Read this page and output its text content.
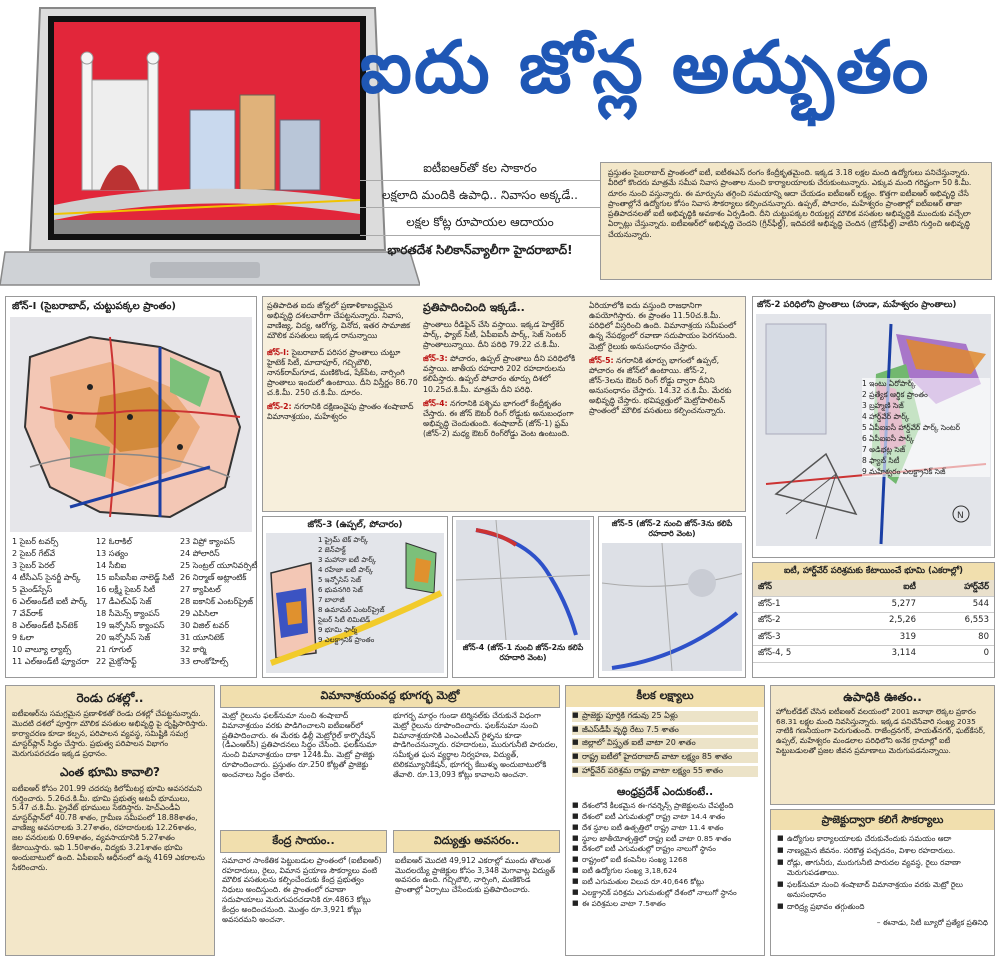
ఐదు జోన్ల అద్భుతం
ఐటీఐఆర్‌తో కల సాకారం
లక్షలాది మందికి ఉపాధి.. నివాసం అక్కడే..
లక్షల కోట్ల రూపాయల ఆదాయం
భారతదేశ సిలికాన్‌వ్యాలీగా హైదరాబాద్!
ప్రస్తుతం సైబరాబాద్ ప్రాంతంలో ఐటీ, ఐటీఈఎస్ రంగం కేంద్రీకృతమైంది. ఇక్కడ 3.18 లక్షల మంది ఉద్యోగులు పనిచేస్తున్నారు. వీరిలో కొందరు మాత్రమే సమీప నివాస ప్రాంతాల నుంచి కార్యాలయాలకు చేరుకుంటున్నారు. ఎక్కువ మంది గరిష్టంగా 50 కి.మీ. దూరం నుంచి వస్తున్నారు. ఈ మార్పును తగ్గించి సమయాన్ని ఆదా చేయడం ఐటీఐఆర్ లక్ష్యం. కొత్తగా ఐటీఐఆర్ అభివృద్ధి చేసే ప్రాంతాల్లోనే ఉద్యోగుల కోసం నివాస సౌకర్యాలు కల్పించనున్నారు. ఉప్పల్, పోచారం, మహేశ్వరం ప్రాంతాల్లో ఐటీఐఆర్ తాజా ప్రతిపాదనలతో ఐటీ అభివృద్ధికి అవకాశం ఏర్పడింది. దీని చుట్టుపక్కల రియల్టర్ల మౌలిక వసతుల అభివృద్ధికి ముందుకు వచ్చేలా ఏర్పాట్లు చేస్తున్నారు. ఐటీఐఆర్‌లో అభివృద్ధి చెందని (గ్రీన్‌ఫీల్డ్), ఇదివరకే అభివృద్ధి చెందిన (బ్రౌన్‌ఫీల్డ్) వాటిని గుర్తించి అభివృద్ధి చేయనున్నారు.
జోన్-I (సైబరాబాద్, చుట్టుపక్కల ప్రాంతం)
1 సైబర్ టవర్స్
2 సైబర్ గేట్‌వే
3 సైబర్ పెరల్
4 టీసీఎస్ సైనర్జీ పార్క్
5 మైండ్‌స్పేస్
6 ఎల్అండ్‌టీ ఐటీ పార్క్
7 వేవ్‌రాక్
8 ఎల్అండ్‌టీ ఫిన్‌టెక్
9 ఓలా
10 వాల్యూ ల్యాబ్స్
11 ఎల్అండ్‌టీ ఫ్యూచరా
12 ఓరాకిల్
13 సత్యం
14 సీబిఐ
15 ఐసీఐసీఐ నాలెడ్జ్ సిటీ
16 లక్ష్మీ సైబర్ సిటీ
17 డీఎల్ఎఫ్ సెజ్
18 సీమెన్స్ క్యాంపస్
19 ఇన్ఫోసిస్ క్యాంపస్
20 ఇన్ఫోసిస్ సెజ్
21 గూగుల్
22 మైక్రోసాఫ్ట్
23 విప్రో క్యాంపస్
24 పోలారిస్
25 సెంట్రల్ యూనివర్సిటీ
26 నిర్మాణ్ అట్లాంటిక్
27 క్యాపిటల్
28 ఐకానిక్ ఎంటర్‌ప్రైజ్
29 ఎపిసిలా
30 విజిల్ టవర్
31 యూనిటెక్
32 కార్మి
33 లాంకోహిల్స్
ప్రతిపాదిత ఐదు జోన్లలో ప్రణాళికాబద్ధమైన అభివృద్ధి దశలవారీగా చేపట్టనున్నారు. నివాస, వాణిజ్య, విద్య, ఆరోగ్య, వినోద, ఇతర సామాజిక మౌలిక వసతులు ఇక్కడ రానున్నాయి
జోన్-I: సైబరాబాద్ పరిసర ప్రాంతాలు చుట్టూ హైటెక్ సిటీ, మాదాపూర్, గచ్చిబౌలి, నానక్‌రామ్‌గూడ, మణికొండ, షేక్‌పేట, నార్సింగి ప్రాంతాలు ఇందులో ఉంటాయి. దీని విస్తీర్ణం 86.70 చ.కి.మీ. 250 చ.కి.మీ. దూరం.
జోన్-2: నగరానికి దక్షిణంవైపు ప్రాంతం శంషాబాద్ విమానాశ్రయం, మహేశ్వరం
ప్రతిపాదించింది ఇక్కడే..
ప్రాంతాలు రీడిఫైన్ చేసి వస్తాయి. ఇక్కడ హెల్త్‌కేర్ పార్క్, ఫ్యాబ్ సిటీ, ఏపీఐఐసీ పార్క్, సెజ్ సెంటర్ ప్రాంతాలున్నాయి. దీని పరిధి 79.22 చ.కి.మీ.
జోన్-3: పోచారం, ఉప్పల్ ప్రాంతాలు దీని పరిధిలోకి వస్తాయి. జాతీయ రహదారి 202 రహదారులను కలిపేస్తారు. ఉప్పల్ పోచారం తూర్పు దిశలో 10.25చ.కి.మీ. మాత్రమే దీని పరిధి.
జోన్-4: నగరానికి పశ్చిమ భాగంలో కేంద్రీకృతం చేస్తారు. ఈ జోన్ ఔటర్ రింగ్ రోడ్డుకు అనుబంధంగా అభివృద్ధి చెందుతుంది. శంషాబాద్ (జోన్-1) ఫ్రమ్ (జోన్-2) మధ్య ఔటర్ రింగ్‌రోడ్డు వెంట ఉంటుంది.
ఏరియాలోకి ఐదు వస్తుంది రాజధానిగా ఉపయోగిస్తారు. ఈ ప్రాంతం 11.50చ.కి.మీ. పరిధిలో విస్తరించి ఉంది. విమానాశ్రయ సమీపంలో ఉన్న నేపథ్యంలో రవాణా సదుపాయం పెరగనుంది. మెట్రో రైలుకు అనుసంధానం చేస్తారు.
జోన్-5: నగరానికి తూర్పు భాగంలో ఉప్పల్, పోచారం ఈ జోన్‌లో ఉంటాయి. జోన్-2, జోన్-3లను ఔటర్ రింగ్ రోడ్డు ద్వారా దీనిని అనుసంధానం చేస్తారు. 14.32 చ.కి.మీ. మేరకు అభివృద్ధి చేస్తారు. భవిష్యత్తులో మెట్రోపాలిటన్ ప్రాంతంలో మౌలిక వసతులు కల్పించనున్నారు.
జోన్-2 పరిధిలోని ప్రాంతాలు (హుడా, మహేశ్వరం ప్రాంతాలు)
N
1 ఇంటు ఏరోపార్క్
2 ప్రత్యేక ఆర్థిక ప్రాంతం
3 బ్రహ్మణి సెజ్
4 హార్డ్‌వేర్ పార్క్
5 ఏపీఐఐసీ హార్డ్‌వేర్ పార్క్ సెంటర్
6 ఏపీఐఐసీ పార్క్
7 అడిభట్ల సెజ్
8 ఫ్యాబ్ సిటీ
9 మహేశ్వరం ఎలక్ట్రానిక్ సెజ్
జోన్-3 (ఉప్పల్, పోచారం)
1 ప్రైమ్ టెక్ పార్క్
2 జెన్‌పాక్ట్
3 మహానా ఐటీ పార్క్
4 రహేజా ఐటీ పార్క్
5 ఇన్ఫోసిస్ సెజ్
6 భువనగిరి సెజ్
7 బాలాజీ
8 ఉమామర్ ఎంటర్‌ప్రైజ్
సైబర్ సిటీ లిమిటెడ్
9 భూమి ఫార్మ్
9 ఎలక్ట్రానిక్ ప్రాంతం
జోన్-4 (జోన్-1 నుంచి జోన్-2ను కలిపే రహదారి వెంట)
జోన్-5 (జోన్-2 నుంచి జోన్-3ను కలిపే రహదారి వెంట)
ఐటీ, హార్డ్‌వేర్ పరిశ్రమకు కేటాయించే భూమి (ఎకరాల్లో)
జోన్	ఐటీ	హార్డ్‌వేర్
జోన్-1	5,277	544
జోన్-2	2,5,26	6,553
జోన్-3	319	80
జోన్-4, 5	3,114	0
రెండు దశల్లో..
ఐటీఐఆర్‌ను సమగ్రమైన ప్రణాళికతో రెండు దశల్లో చేపట్టనున్నారు. మొదటి దశలో పూర్తిగా మౌలిక వసతుల అభివృద్ధి పై దృష్టిసారిస్తారు. కార్యాచరణ కూడా కల్పన, పరిపాలన వ్యవస్థ, సమిష్టికి సమగ్ర మాస్టర్‌ప్లాన్ సిద్ధం చేస్తారు. ప్రభుత్వ పరిపాలన విభాగం మెరుగుపరచడం ఇక్కడ ప్రధానం.
ఎంత భూమి కావాలి?
ఐటీఐఆర్ కోసం 201.99 చదరపు కిలోమీటర్ల భూమి అవసరమని గుర్తించారు. 5.26చ.కి.మీ. భూమి ప్రభుత్వ అటవీ భూములు, 5.47 చ.కి.మీ. ప్రైవేట్ భూములు సేకరిస్తారు. హెచ్‌ఎండీఏ మాస్టర్‌ప్లాన్‌లో 40.78 శాతం, గ్రామీణ సమీపంలో 18.88శాతం, వాణిజ్య అవసరాలకు 3.27శాతం, రహదారులకు 12.26శాతం, జల వనరులకు 0.69శాతం, వ్యవసాయానికి 5.27శాతం కేటాయిస్తారు. ఇవి 1.50శాతం, విద్యకు 3.21శాతం భూమి అందుబాటులో ఉంది. ఏపీఐఐసీ ఆధీనంలో ఉన్న 4169 ఎకరాలను సేకరించారు.
విమానాశ్రయంవద్ద భూగర్భ మెట్రో
మెట్రో రైలును ఫలక్‌నుమా నుంచి శంషాబాద్ విమానాశ్రయం వరకు పొడిగించాలని ఐటీఐఆర్‌లో ప్రతిపాదించారు. ఈ మేరకు ఢిల్లీ మెట్రోరైల్ కార్పొరేషన్ (డీఎంఆర్‌సీ) ప్రతిపాదనలు సిద్ధం చేసింది. ఫలక్‌నుమా నుంచి విమానాశ్రయం దాకా 124కి.మీ. మెట్రో ప్రాజెక్టు రూపొందించారు. ప్రస్తుతం రూ.250 కోట్లతో ప్రాజెక్టు అంచనాలు సిద్ధం చేశారు.
భూగర్భ మార్గం గుండా టెర్మినల్‌కు చేరుకునే విధంగా మెట్రో రైలును రూపొందించారు. ఫలక్‌నుమా నుంచి విమానాశ్రయానికి ఎంఎంటీఎస్ రైళ్ళను కూడా పొడిగించనున్నారు. రహదారులు, మురుగునీటి పారుదల, సమీకృత ఘన వ్యర్థాల నిర్వహణ, విద్యుత్, టెలికమ్యూనికేషన్, భూగర్భ కేబుళ్ళు అందుబాటులోకి తేవాలి. రూ.13,093 కోట్లు కావాలని అంచనా.
కేంద్ర సాయం..
సమాచార సాంకేతిక పెట్టుబడుల ప్రాంతంలో (ఐటీఐఆర్) రహదారులు, రైలు, విమాన ప్రయాణ సౌకర్యాలు వంటి మౌలిక వసతులను కల్పించేందుకు కేంద్ర ప్రభుత్వం నిధులు అందిస్తుంది. ఈ ప్రాంతంలో రవాణా సదుపాయాలు మెరుగుపరచడానికి రూ.4863 కోట్లు కేంద్రం అందించనుంది. మొత్తం రూ.3,921 కోట్లు అవసరమని అంచనా.
విద్యుత్తు అవసరం..
ఐటీఐఆర్ మొదటి 49,912 ఎకరాల్లో ముందు తొలుత మొదలయ్యే ప్రాజెక్టుల కోసం 3,348 మెగావాట్ల విద్యుత్ అవసరం ఉంది. గచ్చిబౌలి, నార్సింగి, మణికొండ ప్రాంతాల్లో ఏర్పాటు చేసేందుకు ప్రతిపాదించారు.
కీలక లక్ష్యాలు
■ ప్రాజెక్టు పూర్తికి గడువు 25 ఏళ్లు
■ జీఎస్‌డీపీ వృద్ధి రేటు 7.5 శాతం
■ జిల్లాలో విస్తృత ఐటీ వాటా 20 శాతం
■ రాష్ట్ర ఐటీలో హైదరాబాద్ వాటా లక్ష్యం 85 శాతం
■ హార్డ్‌వేర్ పరిశ్రమ రాష్ట్ర వాటా లక్ష్యం 55 శాతం
ఆంధ్రప్రదేశ్ ఎందుకంటే..
■ దేశంలోనే కీలకమైన ఈ-గవర్నెన్స్ ప్రాజెక్టులను చేపట్టింది
■ దేశంలో ఐటీ ఎగుమతుల్లో రాష్ట్ర వాటా 14.4 శాతం
■ దేశ స్థూల ఐటీ ఉత్పత్తిలో రాష్ట్ర వాటా 11.4 శాతం
■ స్థూల జాతీయోత్పత్తిలో రాష్ట్ర ఐటీ వాటా 0.85 శాతం
■ దేశంలో ఐటీ ఎగుమతుల్లో రాష్ట్రం నాలుగో స్థానం
■ రాష్ట్రంలో ఐటీ కంపెనీల సంఖ్య 1268
■ ఐటీ ఉద్యోగుల సంఖ్య 3,18,624
■ ఐటీ ఎగుమతుల విలువ రూ.40,646 కోట్లు
■ ఎలక్ట్రానిక్ పరిశ్రమ ఎగుమతుల్లో దేశంలో నాలుగో స్థానం
■ ఈ పరిశ్రమల వాటా 7.5శాతం
ఉపాధికి ఊతం..
హోటల్‌డేట్ చేసిన ఐటీఐఆర్ వలయంలో 2001 జనాభా లెక్కల ప్రకారం 68.31 లక్షల మంది నివసిస్తున్నారు. ఇక్కడ పనిచేసేవారి సంఖ్య 2035 నాటికి గణనీయంగా పెరుగుతుంది. రాజేంద్రనగర్, హయత్‌నగర్, ఘట్‌కేసర్, ఉప్పల్, మహేశ్వరం మండలాల పరిధిలోని అనేక గ్రామాల్లో ఐటీ పెట్టుబడులతో ప్రజల జీవన ప్రమాణాలు మెరుగుపడనున్నాయి.
ప్రాజెక్టుద్వారా కలిగే సౌకర్యాలు
■ ఉద్యోగుల కార్యాలయాలకు చేరుకునేందుకు సమయం ఆదా
■ నాణ్యమైన జీవనం. సరికొత్త పచ్చదనం, విశాల రహదారులు.
■ రోడ్లు, తాగునీరు, మురుగునీటి పారుదల వ్యవస్థ, రైలు రవాణా మెరుగుపడతాయి.
■ ఫలక్‌నుమా నుంచి శంషాబాద్ విమానాశ్రయం వరకు మెట్రో రైలు అనుసంధానం
■ దారిద్ర్య ప్రభావం తగ్గుతుంది
– ఈనాడు, సిటీ బ్యూరో ప్రత్యేక ప్రతినిధి
